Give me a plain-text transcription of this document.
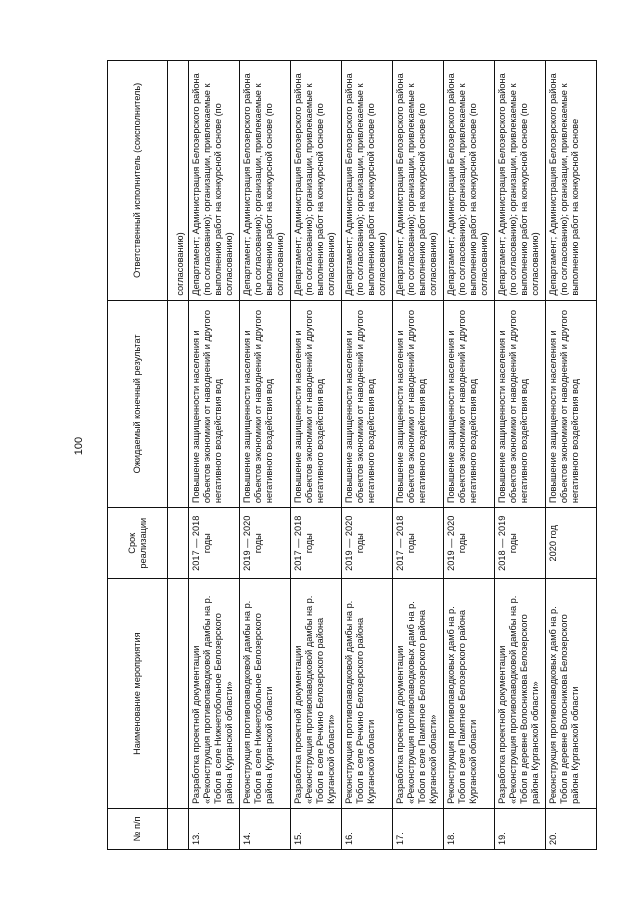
100
№ п/п	Наименование мероприятия	Срок реализации	Ожидаемый конечный результат	Ответственный исполнитель (соисполнитель)
				согласованию)
13.	Разработка проектной документации «Реконструкция противопаводковой дамбы на р. Тобол в селе Нижнетобольное Белозерского района Курганской области»	2017 — 2018 годы	Повышение защищенности населения и объектов экономики от наводнений и другого негативного воздействия вод	Департамент; Администрация Белозерского района (по согласованию); организации, привлекаемые к выполнению работ на конкурсной основе (по согласованию)
14.	Реконструкция противопаводковой дамбы на р. Тобол в селе Нижнетобольное Белозерского района Курганской области	2019 — 2020 годы	Повышение защищенности населения и объектов экономики от наводнений и другого негативного воздействия вод	Департамент; Администрация Белозерского района (по согласованию); организации, привлекаемые к выполнению работ на конкурсной основе (по согласованию)
15.	Разработка проектной документации «Реконструкция противопаводковой дамбы на р. Тобол в селе Речкино Белозерского района Курганской области»	2017 — 2018 годы	Повышение защищенности населения и объектов экономики от наводнений и другого негативного воздействия вод	Департамент; Администрация Белозерского района (по согласованию); организации, привлекаемые к выполнению работ на конкурсной основе (по согласованию)
16.	Реконструкция противопаводковой дамбы на р. Тобол в селе Речкино Белозерского района Курганской области	2019 — 2020 годы	Повышение защищенности населения и объектов экономики от наводнений и другого негативного воздействия вод	Департамент; Администрация Белозерского района (по согласованию); организации, привлекаемые к выполнению работ на конкурсной основе (по согласованию)
17.	Разработка проектной документации «Реконструкция противопаводковых дамб на р. Тобол в селе Памятное Белозерского района Курганской области»	2017 — 2018 годы	Повышение защищенности населения и объектов экономики от наводнений и другого негативного воздействия вод	Департамент; Администрация Белозерского района (по согласованию); организации, привлекаемые к выполнению работ на конкурсной основе (по согласованию)
18.	Реконструкция противопаводковых дамб на р. Тобол в селе Памятное Белозерского района Курганской области	2019 — 2020 годы	Повышение защищенности населения и объектов экономики от наводнений и другого негативного воздействия вод	Департамент; Администрация Белозерского района (по согласованию); организации, привлекаемые к выполнению работ на конкурсной основе (по согласованию)
19.	Разработка проектной документации «Реконструкция противопаводковой дамбы на р. Тобол в деревне Волосникова Белозерского района Курганской области»	2018 — 2019 годы	Повышение защищенности населения и объектов экономики от наводнений и другого негативного воздействия вод	Департамент; Администрация Белозерского района (по согласованию); организации, привлекаемые к выполнению работ на конкурсной основе (по согласованию)
20.	Реконструкция противопаводковых дамб на р. Тобол в деревне Волосникова Белозерского района Курганской области	2020 год	Повышение защищенности населения и объектов экономики от наводнений и другого негативного воздействия вод	Департамент; Администрация Белозерского района (по согласованию); организации, привлекаемые к выполнению работ на конкурсной основе
